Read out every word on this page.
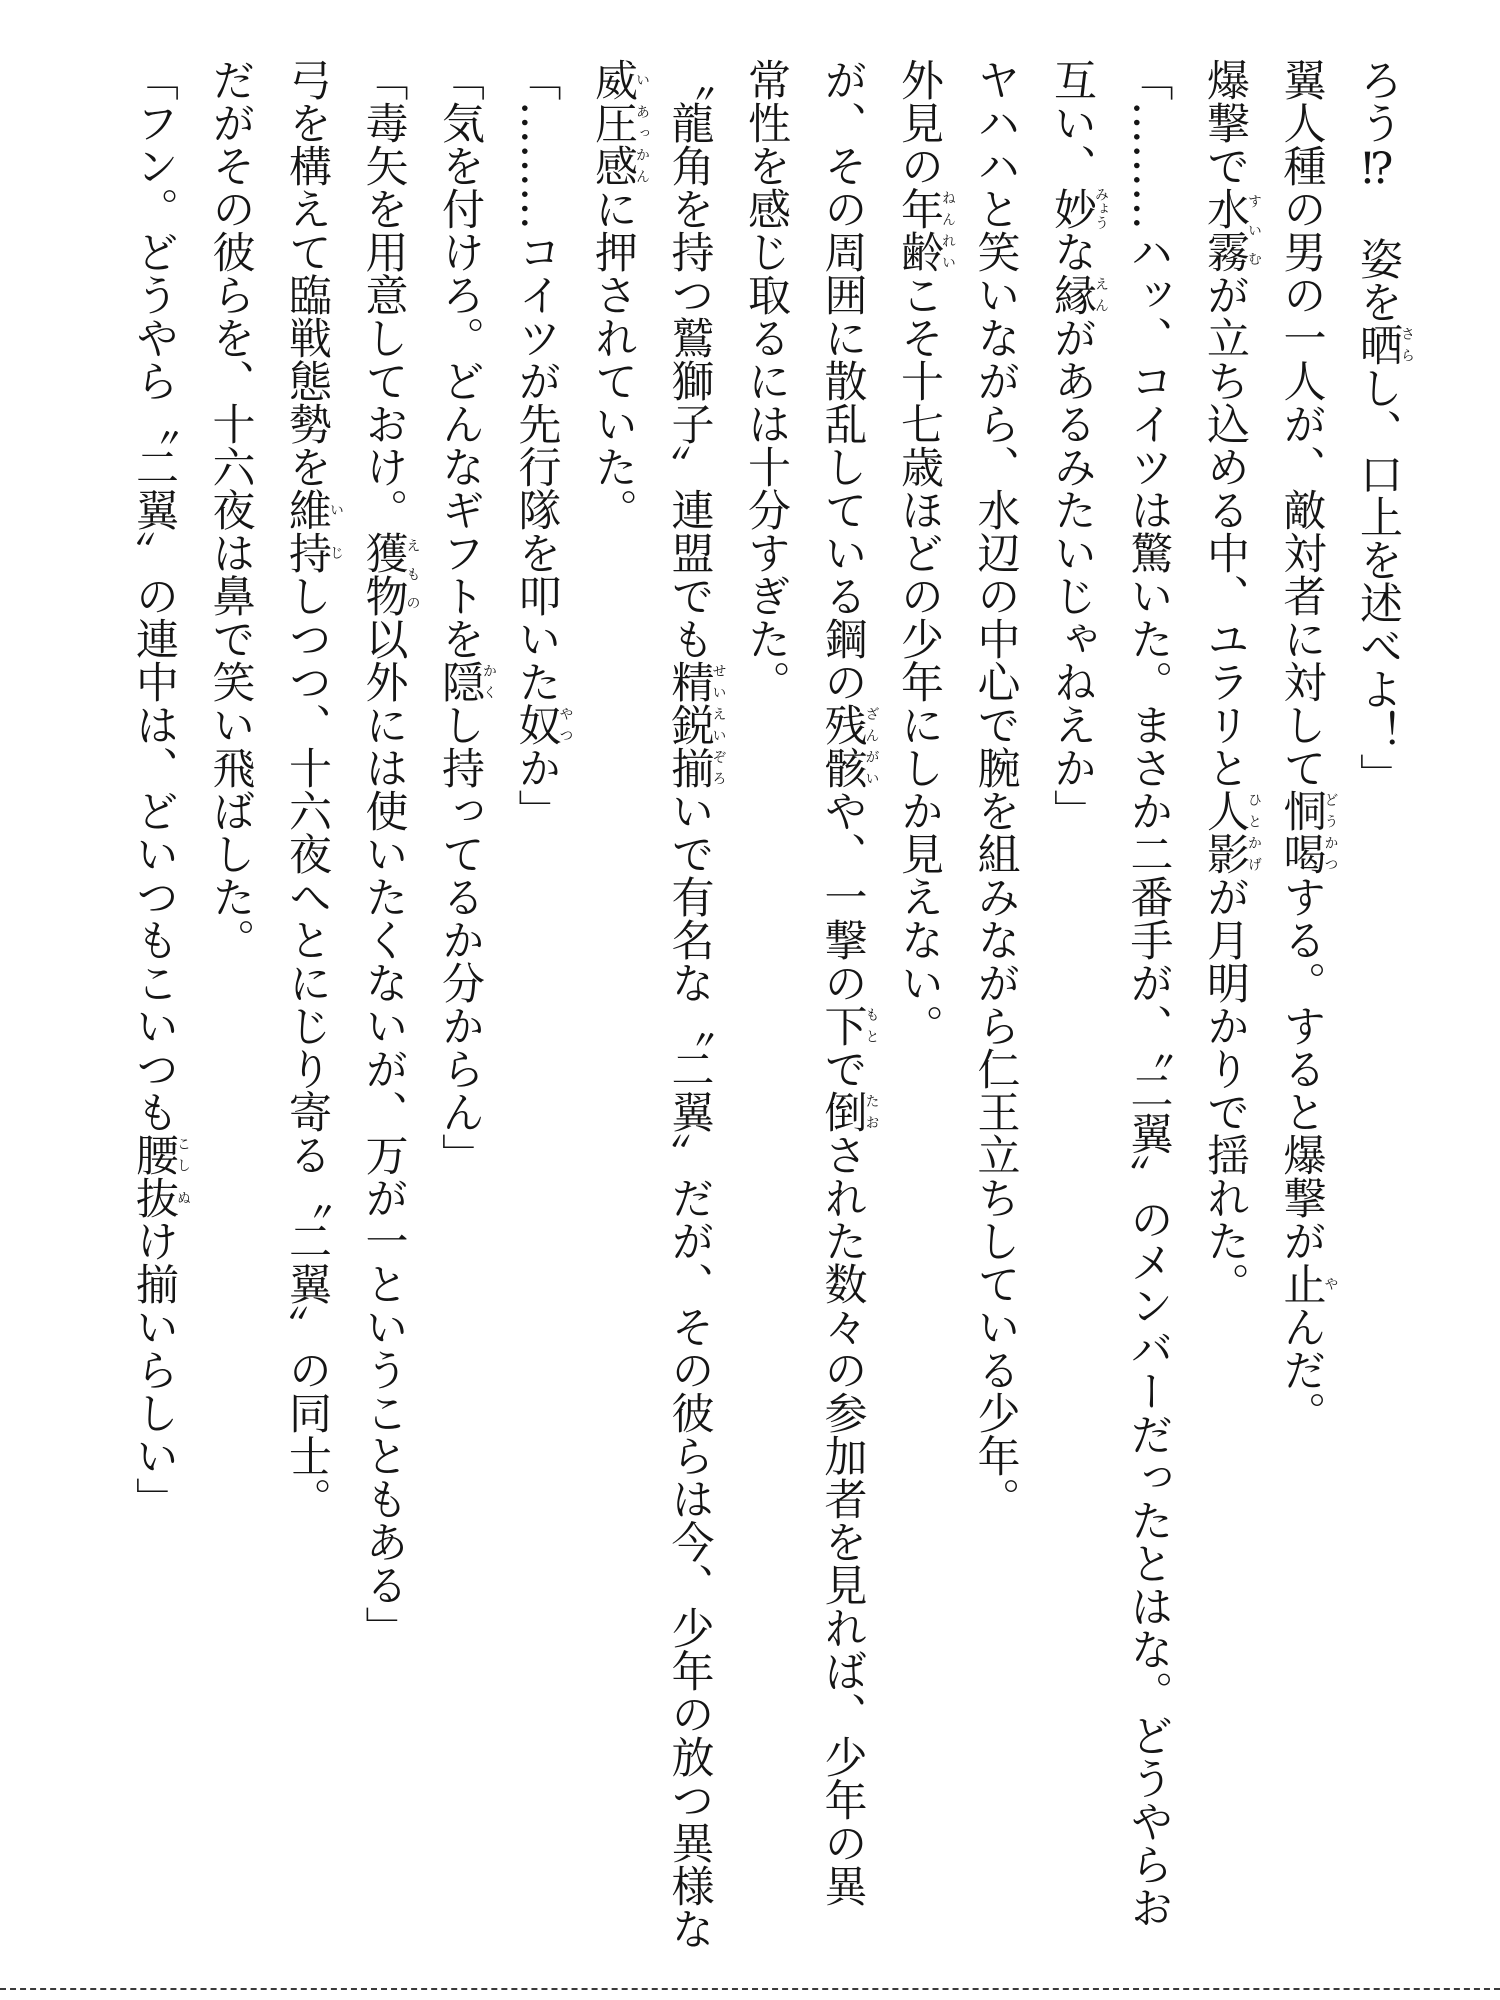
ろう⁉　姿を晒さらし、口上を述べよ！」
翼人種の男の一人が、敵対者に対して恫喝どうかつする。すると爆撃が止やんだ。
爆撃で水霧すいむが立ち込める中、ユラリと人影ひとかげが月明かりで揺れた。
「………ハッ、コイツは驚いた。まさか二番手が、〝二翼〟のメンバーだったとはな。どうやらお
互い、妙みょうな縁えんがあるみたいじゃねえか」
ヤハハと笑いながら、水辺の中心で腕を組みながら仁王立ちしている少年。
外見の年齢ねんれいこそ十七歳ほどの少年にしか見えない。
が、その周囲に散乱している鋼の残骸ざんがいや、一撃の下もとで倒たおされた数々の参加者を見れば、少年の異
常性を感じ取るには十分すぎた。
〝龍角を持つ鷲獅子〟連盟でも精鋭せいえい揃ぞろいで有名な〝二翼〟だが、その彼らは今、少年の放つ異様な
威い圧感あっかんに押されていた。
「………コイツが先行隊を叩いた奴やつか」
「気を付けろ。どんなギフトを隠かくし持ってるか分からん」
「毒矢を用意しておけ。獲物えもの以外には使いたくないが、万が一ということもある」
弓を構えて臨戦態勢を維い持じしつつ、十六夜へとにじり寄る〝二翼〟の同士。
だがその彼らを、十六夜は鼻で笑い飛ばした。
「フン。どうやら〝二翼〟の連中は、どいつもこいつも腰こし抜ぬけ揃いらしい」
